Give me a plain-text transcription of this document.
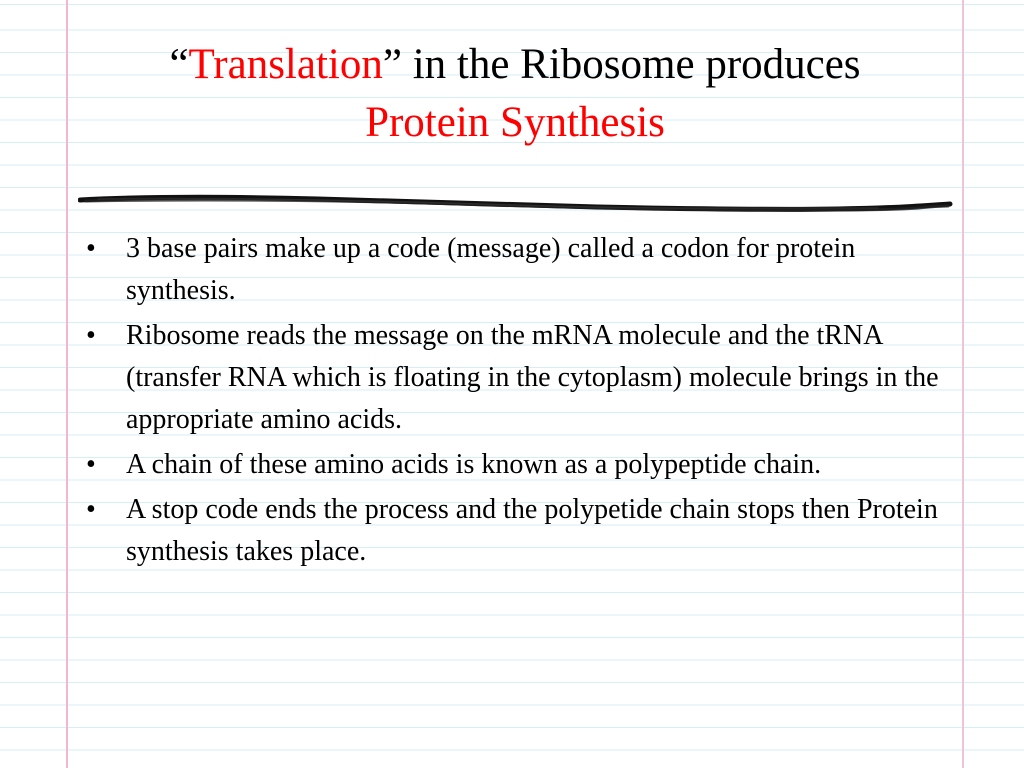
“Translation” in the Ribosome produces
Protein Synthesis
• 3 base pairs make up a code (message) called a codon for protein synthesis.
• Ribosome reads the message on the mRNA molecule and the tRNA (transfer RNA which is floating in the cytoplasm) molecule brings in the appropriate amino acids.
• A chain of these amino acids is known as a polypeptide chain.
• A stop code ends the process and the polypetide chain stops then Protein synthesis takes place.
